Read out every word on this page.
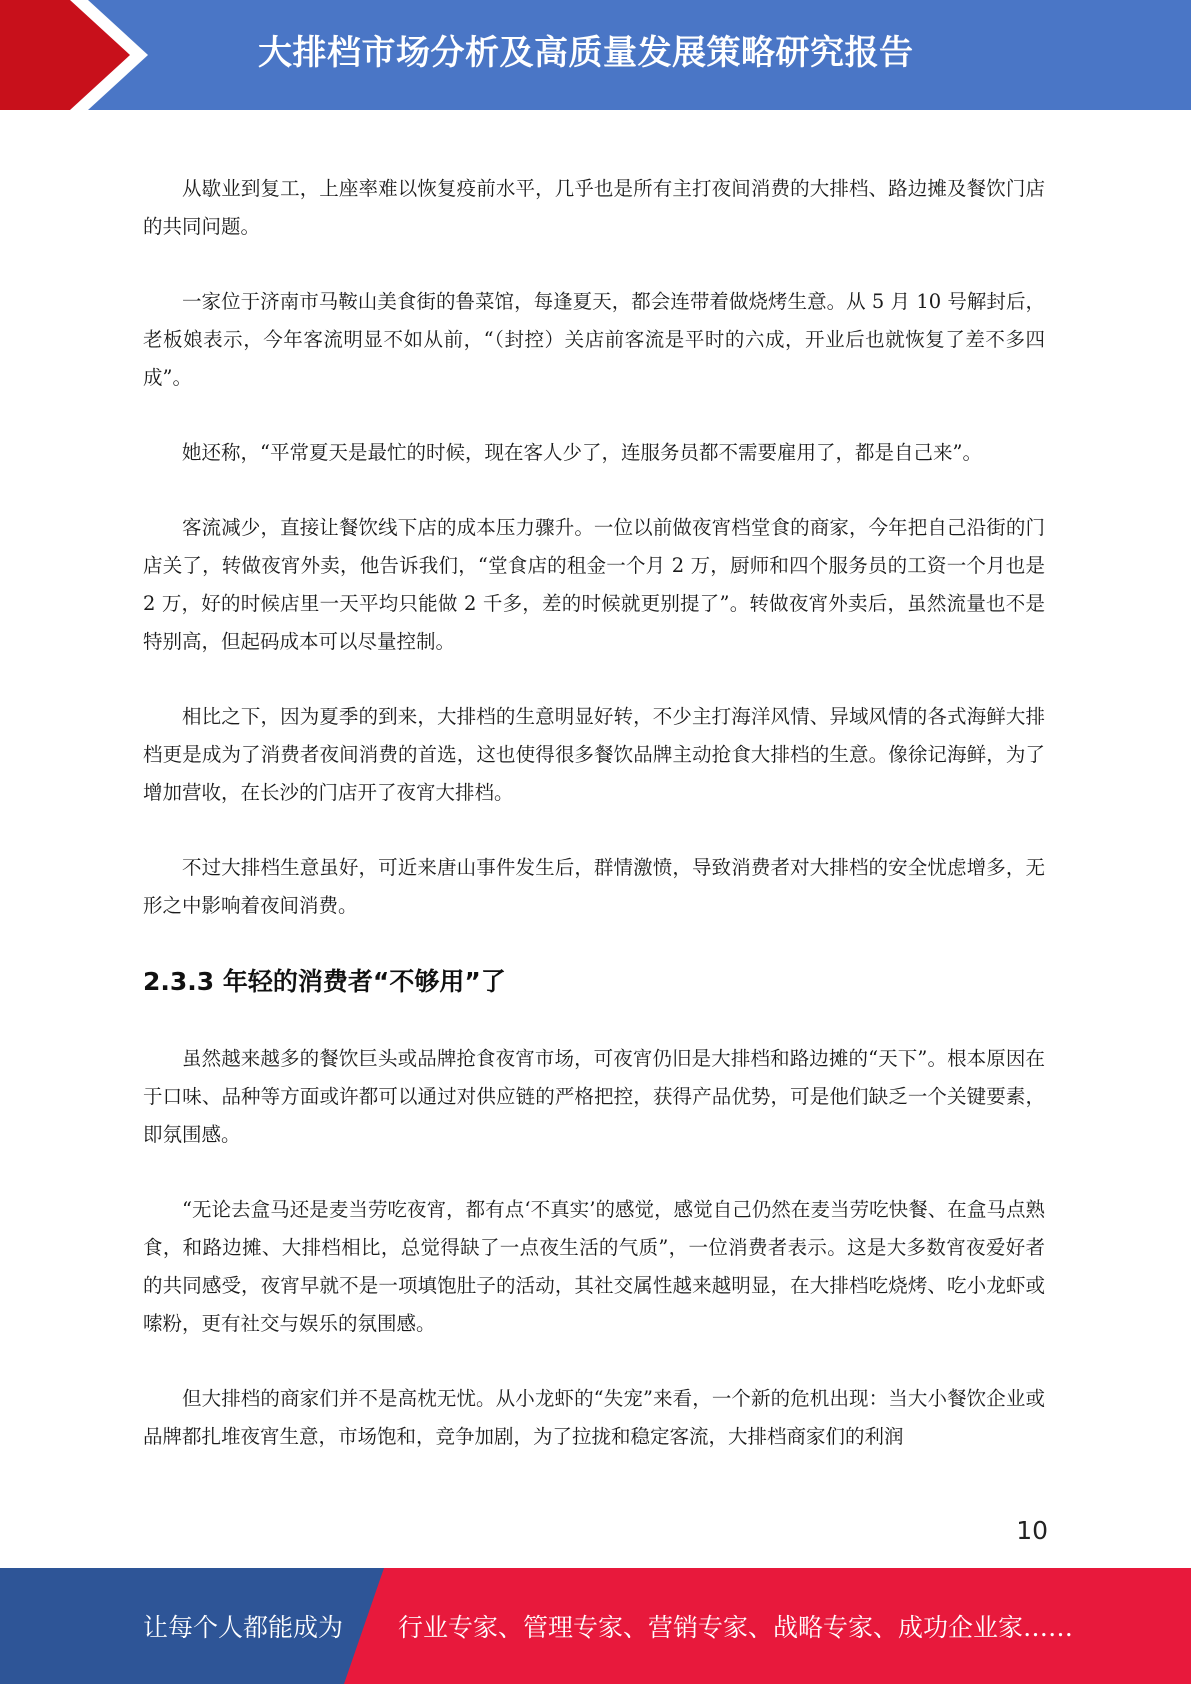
大排档市场分析及高质量发展策略研究报告

从歇业到复工，上座率难以恢复疫前水平，几乎也是所有主打夜间消费的大排档、路边摊及餐饮门店的共同问题。

一家位于济南市马鞍山美食街的鲁菜馆，每逢夏天，都会连带着做烧烤生意。从 5 月 10 号解封后，老板娘表示，今年客流明显不如从前，“（封控）关店前客流是平时的六成，开业后也就恢复了差不多四成”。

她还称，“平常夏天是最忙的时候，现在客人少了，连服务员都不需要雇用了，都是自己来”。

客流减少，直接让餐饮线下店的成本压力骤升。一位以前做夜宵档堂食的商家，今年把自己沿街的门店关了，转做夜宵外卖，他告诉我们，“堂食店的租金一个月 2 万，厨师和四个服务员的工资一个月也是 2 万，好的时候店里一天平均只能做 2 千多，差的时候就更别提了”。转做夜宵外卖后，虽然流量也不是特别高，但起码成本可以尽量控制。

相比之下，因为夏季的到来，大排档的生意明显好转，不少主打海洋风情、异域风情的各式海鲜大排档更是成为了消费者夜间消费的首选，这也使得很多餐饮品牌主动抢食大排档的生意。像徐记海鲜，为了增加营收，在长沙的门店开了夜宵大排档。

不过大排档生意虽好，可近来唐山事件发生后，群情激愤，导致消费者对大排档的安全忧虑增多，无形之中影响着夜间消费。

2.3.3 年轻的消费者“不够用”了

虽然越来越多的餐饮巨头或品牌抢食夜宵市场，可夜宵仍旧是大排档和路边摊的“天下”。根本原因在于口味、品种等方面或许都可以通过对供应链的严格把控，获得产品优势，可是他们缺乏一个关键要素，即氛围感。

“无论去盒马还是麦当劳吃夜宵，都有点‘不真实’的感觉，感觉自己仍然在麦当劳吃快餐、在盒马点熟食，和路边摊、大排档相比，总觉得缺了一点夜生活的气质”，一位消费者表示。这是大多数宵夜爱好者的共同感受，夜宵早就不是一项填饱肚子的活动，其社交属性越来越明显，在大排档吃烧烤、吃小龙虾或嗦粉，更有社交与娱乐的氛围感。

但大排档的商家们并不是高枕无忧。从小龙虾的“失宠”来看，一个新的危机出现：当大小餐饮企业或品牌都扎堆夜宵生意，市场饱和，竞争加剧，为了拉拢和稳定客流，大排档商家们的利润

10
让每个人都能成为 行业专家、管理专家、营销专家、战略专家、成功企业家……
